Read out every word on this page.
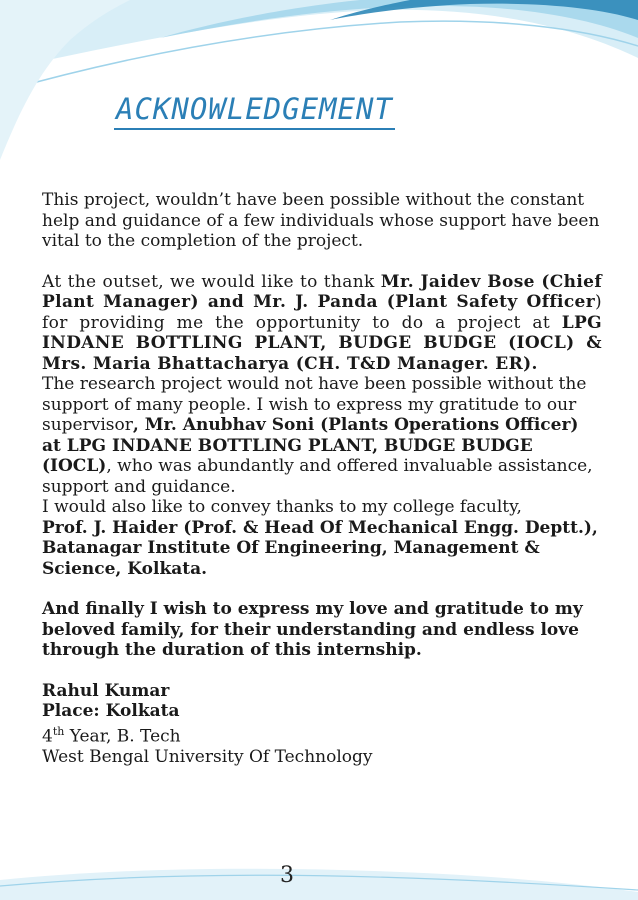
ACKNOWLEDGEMENT

This project, wouldn’t have been possible without the constant help and guidance of a few individuals whose support have been vital to the completion of the project.

At the outset, we would like to thank Mr. Jaidev Bose (Chief Plant Manager) and Mr. J. Panda (Plant Safety Officer) for providing me the opportunity to do a project at LPG INDANE BOTTLING PLANT, BUDGE BUDGE (IOCL) & Mrs. Maria Bhattacharya (CH. T&D Manager. ER).

The research project would not have been possible without the support of many people. I wish to express my gratitude to our supervisor, Mr. Anubhav Soni (Plants Operations Officer) at LPG INDANE BOTTLING PLANT, BUDGE BUDGE (IOCL), who was abundantly and offered invaluable assistance, support and guidance.

I would also like to convey thanks to my college faculty,
Prof. J. Haider (Prof. & Head Of Mechanical Engg. Deptt.), Batanagar Institute Of Engineering, Management & Science, Kolkata.

And finally I wish to express my love and gratitude to my beloved family, for their understanding and endless love through the duration of this internship.

Rahul Kumar
Place: Kolkata
4th Year, B. Tech
West Bengal University Of Technology
3
